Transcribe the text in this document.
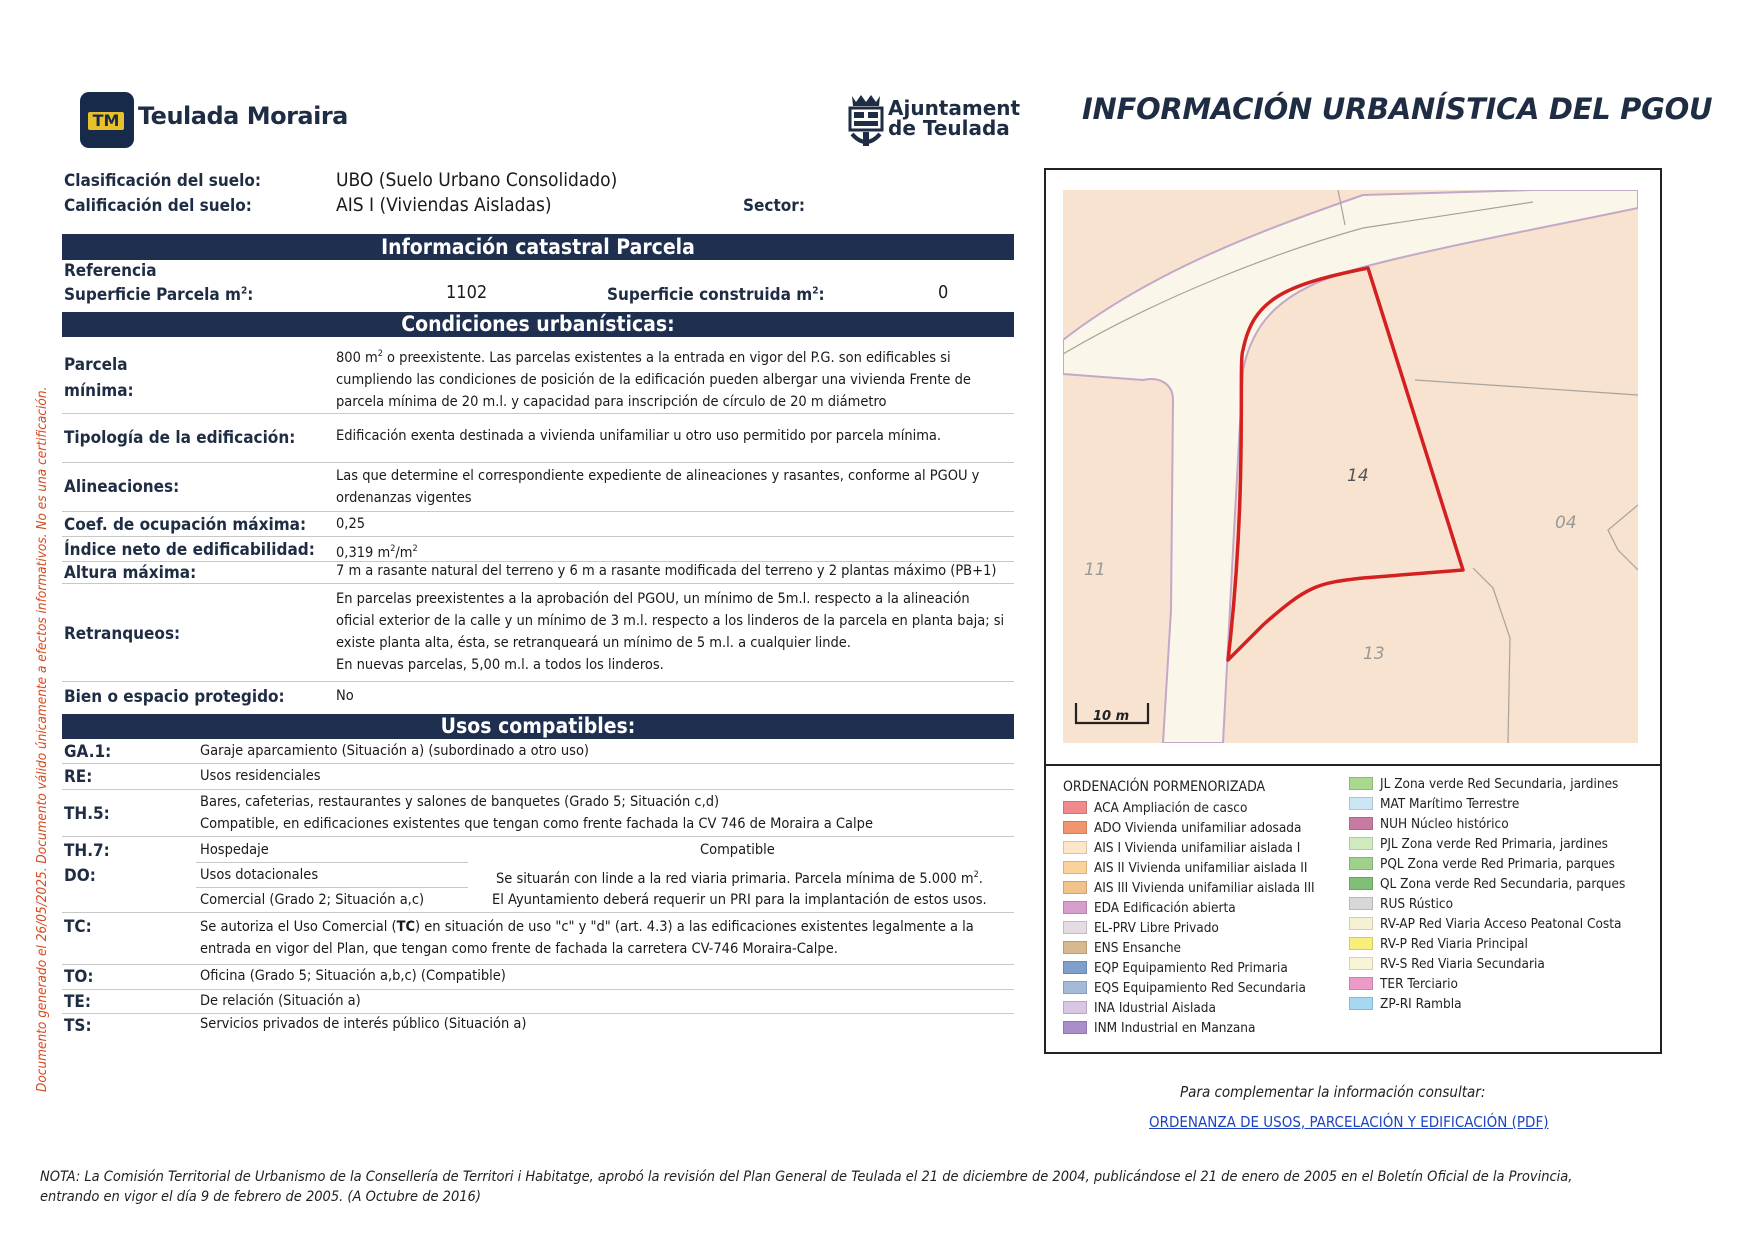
TM Teulada Moraira	Ajuntament
de Teulada
INFORMACIÓN URBANÍSTICA DEL PGOU
Documento generado el 26/05/2025. Documento válido únicamente a efectos informativos. No es una certificación.
Clasificación del suelo:	UBO (Suelo Urbano Consolidado)
Calificación del suelo:	AIS I (Viviendas Aisladas)	Sector:
Información catastral Parcela
Referencia
Superficie Parcela $m^2$:	1102	Superficie construida $m^2$:	0
Condiciones urbanísticas:
Parcela
mínima:
800 $m^2$ o preexistente. Las parcelas existentes a la entrada en vigor del P.G. son edificables si
cumpliendo las condiciones de posición de la edificación pueden albergar una vivienda Frente de
parcela mínima de 20 m.l. y capacidad para inscripción de círculo de 20 m diámetro
Tipología de la edificación:	Edificación exenta destinada a vivienda unifamiliar u otro uso permitido por parcela mínima.
Alineaciones:
Las que determine el correspondiente expediente de alineaciones y rasantes, conforme al PGOU y
ordenanzas vigentes
Coef. de ocupación máxima: 0,25
Índice neto de edificabilidad: 0,319 $m^2/m^2$
Altura máxima:	7 m a rasante natural del terreno y 6 m a rasante modificada del terreno y 2 plantas máximo (PB+1)
Retranqueos:
En parcelas preexistentes a la aprobación del PGOU, un mínimo de 5m.l. respecto a la alineación
oficial exterior de la calle y un mínimo de 3 m.l. respecto a los linderos de la parcela en planta baja; si
existe planta alta, ésta, se retranqueará un mínimo de 5 m.l. a cualquier linde.
En nuevas parcelas, 5,00 m.l. a todos los linderos.
Bien o espacio protegido:	No
Usos compatibles:
GA.1:	Garaje aparcamiento (Situación a) (subordinado a otro uso)
RE:	Usos residenciales
TH.5:
Bares, cafeterias, restaurantes y salones de banquetes (Grado 5; Situación c,d)
Compatible, en edificaciones existentes que tengan como frente fachada la CV 746 de Moraira a Calpe
TH.7:	Hospedaje	Compatible
DO:	Usos dotacionales	Se situarán con linde a la red viaria primaria. Parcela mínima de 5.000 $m^2$.
Comercial (Grado 2; Situación a,c)	El Ayuntamiento deberá requerir un PRI para la implantación de estos usos.
TC:	Se autoriza el Uso Comercial (TC) en situación de uso "c" y "d" (art. 4.3) a las edificaciones existentes legalmente a la
entrada en vigor del Plan, que tengan como frente de fachada la carretera CV-746 Moraira-Calpe.
TO:	Oficina (Grado 5; Situación a,b,c) (Compatible)
TE:	De relación (Situación a)
TS:	Servicios privados de interés público (Situación a)
14
04
11
13
10 m
ORDENACIÓN PORMENORIZADA
ACA Ampliación de casco
ADO Vivienda unifamiliar adosada
AIS I Vivienda unifamiliar aislada I
AIS II Vivienda unifamiliar aislada II
AIS III Vivienda unifamiliar aislada III
EDA Edificación abierta
EL-PRV Libre Privado
ENS Ensanche
EQP Equipamiento Red Primaria
EQS Equipamiento Red Secundaria
INA Idustrial Aislada
INM Industrial en Manzana
JL Zona verde Red Secundaria, jardines
MAT Marítimo Terrestre
NUH Núcleo histórico
PJL Zona verde Red Primaria, jardines
PQL Zona verde Red Primaria, parques
QL Zona verde Red Secundaria, parques
RUS Rústico
RV-AP Red Viaria Acceso Peatonal Costa
RV-P Red Viaria Principal
RV-S Red Viaria Secundaria
TER Terciario
ZP-RI Rambla
Para complementar la información consultar:
ORDENANZA DE USOS, PARCELACIÓN Y EDIFICACIÓN (PDF)
NOTA: La Comisión Territorial de Urbanismo de la Consellería de Territori i Habitatge, aprobó la revisión del Plan General de Teulada el 21 de diciembre de 2004, publicándose el 21 de enero de 2005 en el Boletín Oficial de la Provincia,
entrando en vigor el día 9 de febrero de 2005. (A Octubre de 2016)
